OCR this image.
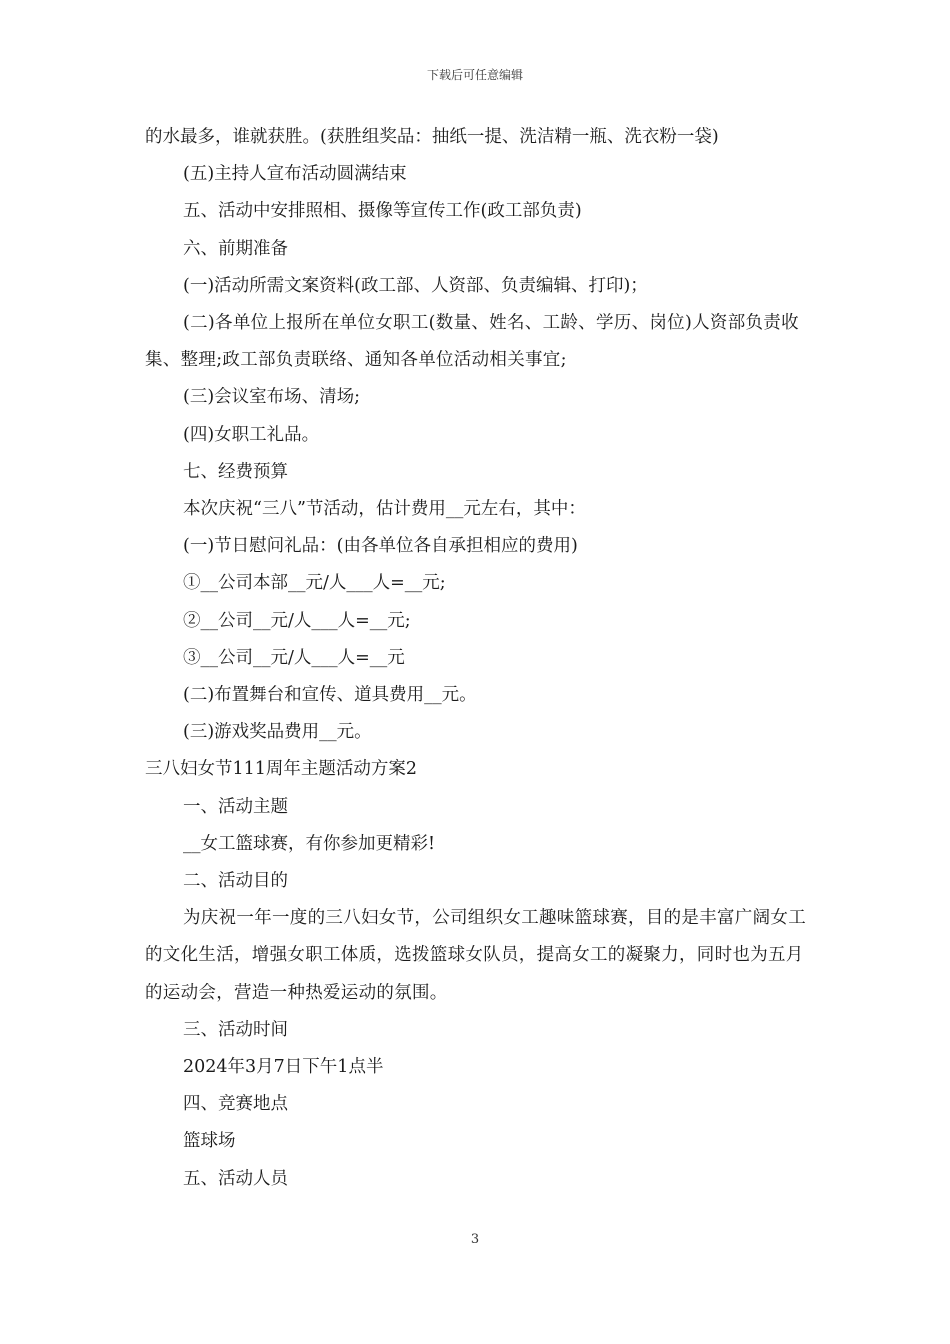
下载后可任意编辑

的水最多，谁就获胜。(获胜组奖品：抽纸一提、洗洁精一瓶、洗衣粉一袋)

(五)主持人宣布活动圆满结束

五、活动中安排照相、摄像等宣传工作(政工部负责)

六、前期准备

(一)活动所需文案资料(政工部、人资部、负责编辑、打印)；

(二)各单位上报所在单位女职工(数量、姓名、工龄、学历、岗位)人资部负责收集、整理;政工部负责联络、通知各单位活动相关事宜;

(三)会议室布场、清场;

(四)女职工礼品。

七、经费预算

本次庆祝“三八”节活动，估计费用__元左右，其中：

(一)节日慰问礼品：(由各单位各自承担相应的费用)

①__公司本部__元/人___人=__元;

②__公司__元/人___人=__元;

③__公司__元/人___人=__元

(二)布置舞台和宣传、道具费用__元。

(三)游戏奖品费用__元。

三八妇女节111周年主题活动方案2

一、活动主题

__女工篮球赛，有你参加更精彩!

二、活动目的

为庆祝一年一度的三八妇女节，公司组织女工趣味篮球赛，目的是丰富广阔女工的文化生活，增强女职工体质，选拨篮球女队员，提高女工的凝聚力，同时也为五月的运动会，营造一种热爱运动的氛围。

三、活动时间

2024年3月7日下午1点半

四、竞赛地点

篮球场

五、活动人员

3
